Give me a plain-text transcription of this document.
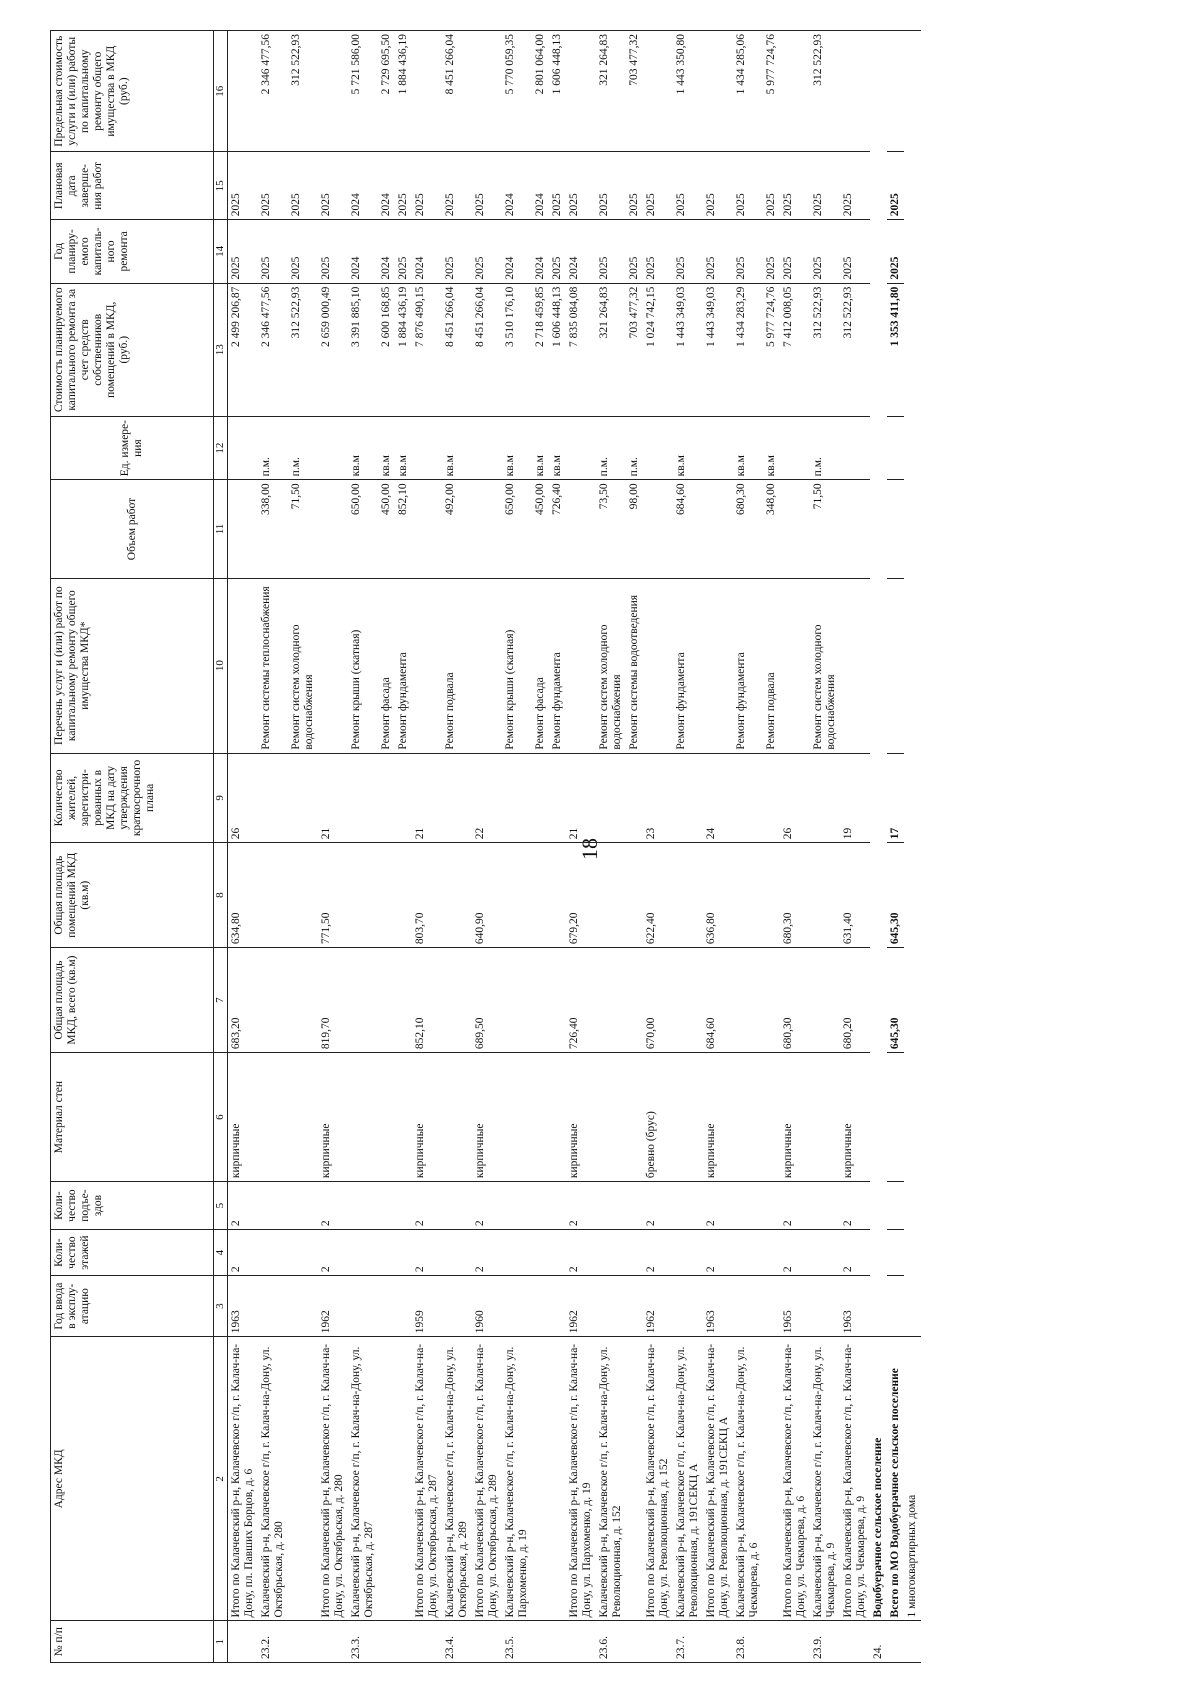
18
№ п/п	Адрес МКД	Год ввода в эксплу-атацию	Коли-чество этажей	Коли-чество подъе-здов	Материал стен	Общая площадь МКД, всего (кв.м)	Общая площадь помещений МКД (кв.м)	Количество жителей, зарегистри-рованных в МКД на дату утверждения краткосрочного плана	Перечень услуг и (или) работ по капитальному ремонту общего имущества МКД*	Объем работ	Ед. измере-ния	Стоимость планируемого капитального ремонта за счет средств собственников помещений в МКД, (руб.)	Год планиру-емого капиталь-ного ремонта	Плановая дата заверше-ния работ	Предельная стоимость услуги и (или) работы по капитальному ремонту общего имущества в МКД (руб.)
1	2	3	4	5	6	7	8	9	10	11	12	13	14	15	16
	Итого по Калачевский р-н, Калачевское г/п, г. Калач-на-Дону, пл. Павших Борцов, д. 6	1963	2	2	кирпичные	683,20	634,80	26				2 499 206,87	2025	2025	
23.2.	Калачевский р-н, Калачевское г/п, г. Калач-на-Дону, ул. Октябрьская, д. 280								Ремонт системы теплоснабжения	338,00	п.м.	2 346 477,56	2025	2025	2 346 477,56
									Ремонт систем холодного водоснабжения	71,50	п.м.	312 522,93	2025	2025	312 522,93
	Итого по Калачевский р-н, Калачевское г/п, г. Калач-на-Дону, ул. Октябрьская, д. 280	1962	2	2	кирпичные	819,70	771,50	21				2 659 000,49	2025	2025	
23.3.	Калачевский р-н, Калачевское г/п, г. Калач-на-Дону, ул. Октябрьская, д. 287								Ремонт крыши (скатная)	650,00	кв.м	3 391 885,10	2024	2024	5 721 586,00
									Ремонт фасада	450,00	кв.м	2 600 168,85	2024	2024	2 729 695,50
									Ремонт фундамента	852,10	кв.м	1 884 436,19	2025	2025	1 884 436,19
	Итого по Калачевский р-н, Калачевское г/п, г. Калач-на-Дону, ул. Октябрьская, д. 287	1959	2	2	кирпичные	852,10	803,70	21				7 876 490,15	2024	2025	
23.4.	Калачевский р-н, Калачевское г/п, г. Калач-на-Дону, ул. Октябрьская, д. 289								Ремонт подвала	492,00	кв.м	8 451 266,04	2025	2025	8 451 266,04
	Итого по Калачевский р-н, Калачевское г/п, г. Калач-на-Дону, ул. Октябрьская, д. 289	1960	2	2	кирпичные	689,50	640,90	22				8 451 266,04	2025	2025	
23.5.	Калачевский р-н, Калачевское г/п, г. Калач-на-Дону, ул. Пархоменко, д. 19								Ремонт крыши (скатная)	650,00	кв.м	3 510 176,10	2024	2024	5 770 059,35
									Ремонт фасада	450,00	кв.м	2 718 459,85	2024	2024	2 801 064,00
									Ремонт фундамента	726,40	кв.м	1 606 448,13	2025	2025	1 606 448,13
	Итого по Калачевский р-н, Калачевское г/п, г. Калач-на-Дону, ул. Пархоменко, д. 19	1962	2	2	кирпичные	726,40	679,20	21				7 835 084,08	2024	2025	
23.6.	Калачевский р-н, Калачевское г/п, г. Калач-на-Дону, ул. Революционная, д. 152								Ремонт систем холодного водоснабжения	73,50	п.м.	321 264,83	2025	2025	321 264,83
									Ремонт системы водоотведения	98,00	п.м.	703 477,32	2025	2025	703 477,32
	Итого по Калачевский р-н, Калачевское г/п, г. Калач-на-Дону, ул. Революционная, д. 152	1962	2	2	бревно (брус)	670,00	622,40	23				1 024 742,15	2025	2025	
23.7.	Калачевский р-н, Калачевское г/п, г. Калач-на-Дону, ул. Революционная, д. 191СЕКЦ А								Ремонт фундамента	684,60	кв.м	1 443 349,03	2025	2025	1 443 350,80
	Итого по Калачевский р-н, Калачевское г/п, г. Калач-на-Дону, ул. Революционная, д. 191СЕКЦ А	1963	2	2	кирпичные	684,60	636,80	24				1 443 349,03	2025	2025	
23.8.	Калачевский р-н, Калачевское г/п, г. Калач-на-Дону, ул. Чекмарева, д. 6								Ремонт фундамента	680,30	кв.м	1 434 283,29	2025	2025	1 434 285,06
									Ремонт подвала	348,00	кв.м	5 977 724,76	2025	2025	5 977 724,76
	Итого по Калачевский р-н, Калачевское г/п, г. Калач-на-Дону, ул. Чекмарева, д. 6	1965	2	2	кирпичные	680,30	680,30	26				7 412 008,05	2025	2025	
23.9.	Калачевский р-н, Калачевское г/п, г. Калач-на-Дону, ул. Чекмарева, д. 9								Ремонт систем холодного водоснабжения	71,50	п.м.	312 522,93	2025	2025	312 522,93
	Итого по Калачевский р-н, Калачевское г/п, г. Калач-на-Дону, ул. Чекмарева, д. 9	1963	2	2	кирпичные	680,20	631,40	19				312 522,93	2025	2025	
24.	Водобуерачное сельское поселение														
	Всего по МО Водобуерачное сельское поселение					645,30	645,30	17				1 353 411,80	2025	2025	
	1 многоквартирных дома														
